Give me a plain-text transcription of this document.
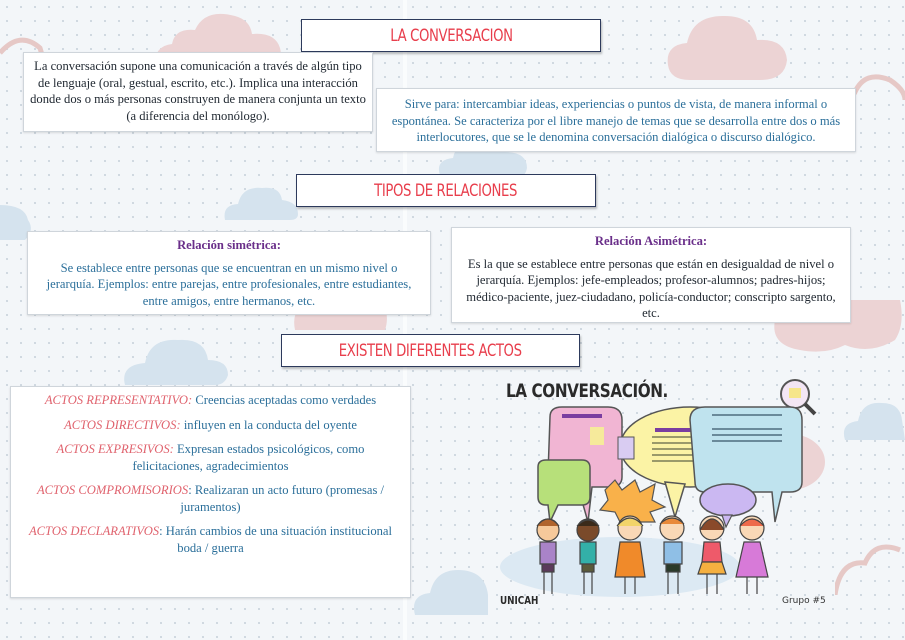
LA CONVERSACION

La conversación supone una comunicación a través de algún tipo de lenguaje (oral, gestual, escrito, etc.). Implica una interacción donde dos o más personas construyen de manera conjunta un texto (a diferencia del monólogo).

Sirve para: intercambiar ideas, experiencias o puntos de vista, de manera informal o espontánea. Se caracteriza por el libre manejo de temas que se desarrolla entre dos o más interlocutores, que se le denomina conversación dialógica o discurso dialógico.

TIPOS DE RELACIONES

Relación simétrica:

Se establece entre personas que se encuentran en un mismo nivel o jerarquía. Ejemplos: entre parejas, entre profesionales, entre estudiantes, entre amigos, entre hermanos, etc.

Relación Asimétrica:

Es la que se establece entre personas que están en desigualdad de nivel o jerarquía. Ejemplos: jefe-empleados; profesor-alumnos; padres-hijos; médico-paciente, juez-ciudadano, policía-conductor; conscripto sargento, etc.

EXISTEN DIFERENTES ACTOS

ACTOS REPRESENTATIVO: Creencias aceptadas como verdades

ACTOS DIRECTIVOS: influyen en la conducta del oyente

ACTOS EXPRESIVOS: Expresan estados psicológicos, como felicitaciones, agradecimientos

ACTOS COMPROMISORIOS: Realizaran un acto futuro (promesas / juramentos)

ACTOS DECLARATIVOS: Harán cambios de una situación institucional boda / guerra

LA CONVERSACIÓN.
UNICAH	Grupo #5
